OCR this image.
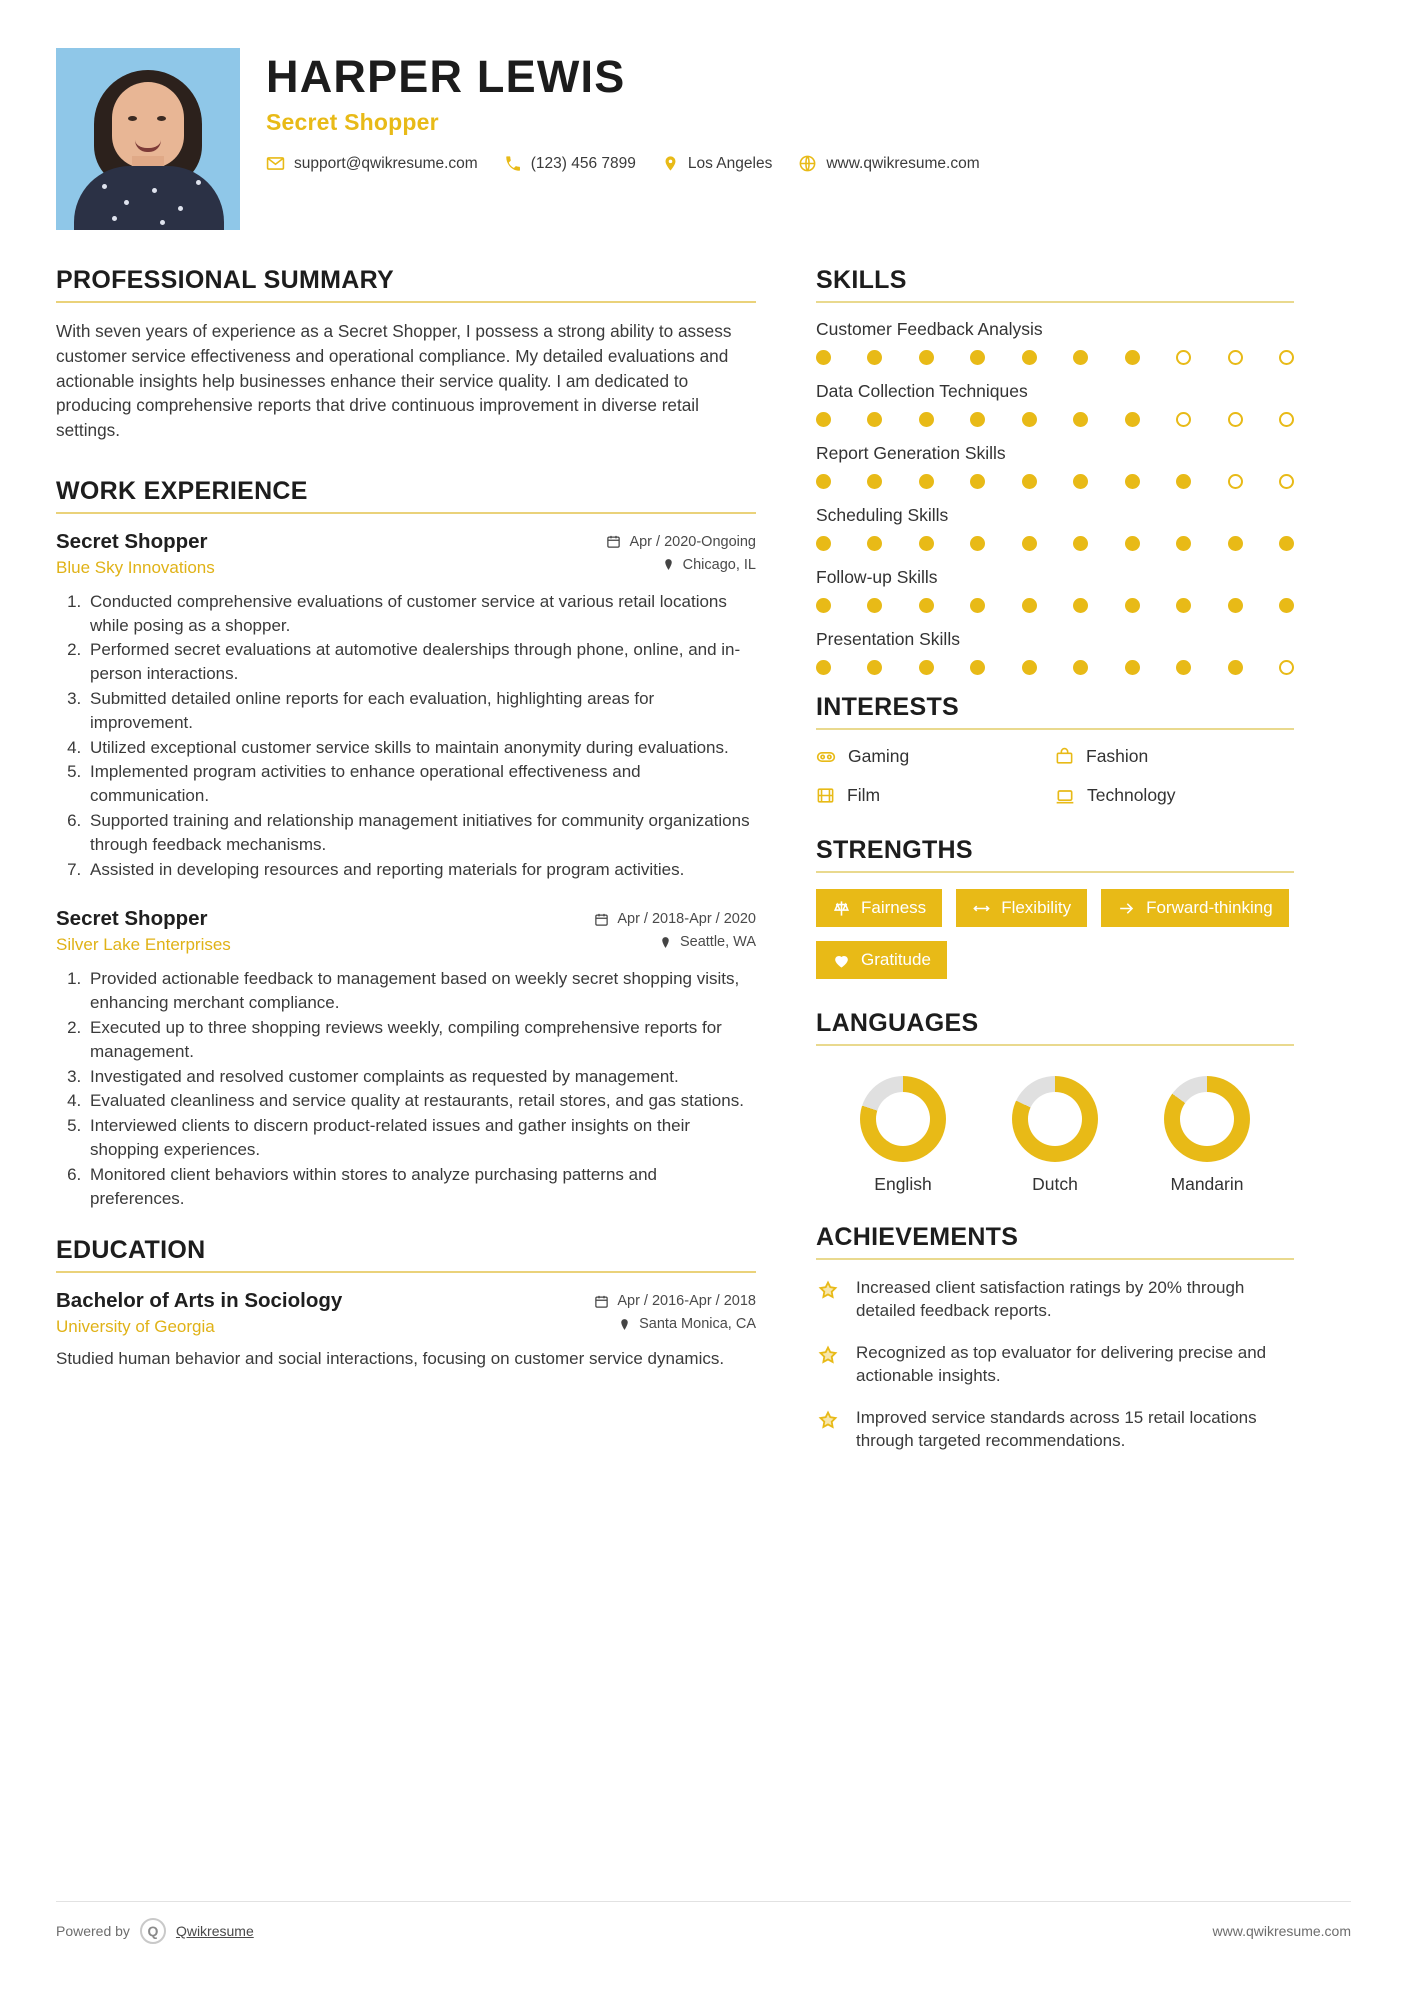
HARPER LEWIS
Secret Shopper
support@qwikresume.com	(123) 456 7899	Los Angeles	www.qwikresume.com
PROFESSIONAL SUMMARY

With seven years of experience as a Secret Shopper, I possess a strong ability to assess customer service effectiveness and operational compliance. My detailed evaluations and actionable insights help businesses enhance their service quality. I am dedicated to producing comprehensive reports that drive continuous improvement in diverse retail settings.

WORK EXPERIENCE
Secret Shopper
Blue Sky Innovations
Apr / 2020-Ongoing
Chicago, IL
1. Conducted comprehensive evaluations of customer service at various retail locations while posing as a shopper.
2. Performed secret evaluations at automotive dealerships through phone, online, and in-person interactions.
3. Submitted detailed online reports for each evaluation, highlighting areas for improvement.
4. Utilized exceptional customer service skills to maintain anonymity during evaluations.
5. Implemented program activities to enhance operational effectiveness and communication.
6. Supported training and relationship management initiatives for community organizations through feedback mechanisms.
7. Assisted in developing resources and reporting materials for program activities.
Secret Shopper
Silver Lake Enterprises
Apr / 2018-Apr / 2020
Seattle, WA
1. Provided actionable feedback to management based on weekly secret shopping visits, enhancing merchant compliance.
2. Executed up to three shopping reviews weekly, compiling comprehensive reports for management.
3. Investigated and resolved customer complaints as requested by management.
4. Evaluated cleanliness and service quality at restaurants, retail stores, and gas stations.
5. Interviewed clients to discern product-related issues and gather insights on their shopping experiences.
6. Monitored client behaviors within stores to analyze purchasing patterns and preferences.
EDUCATION
Bachelor of Arts in Sociology
University of Georgia
Apr / 2016-Apr / 2018
Santa Monica, CA

Studied human behavior and social interactions, focusing on customer service dynamics.

SKILLS
Customer Feedback Analysis
Data Collection Techniques
Report Generation Skills
Scheduling Skills
Follow-up Skills
Presentation Skills
INTERESTS
Gaming	Fashion
Film	Technology
STRENGTHS
Fairness	Flexibility	Forward-thinking
Gratitude
LANGUAGES
English	Dutch	Mandarin
ACHIEVEMENTS
Increased client satisfaction ratings by 20% through detailed feedback reports.
Recognized as top evaluator for delivering precise and actionable insights.
Improved service standards across 15 retail locations through targeted recommendations.
Powered by	Q	Qwikresume	www.qwikresume.com
